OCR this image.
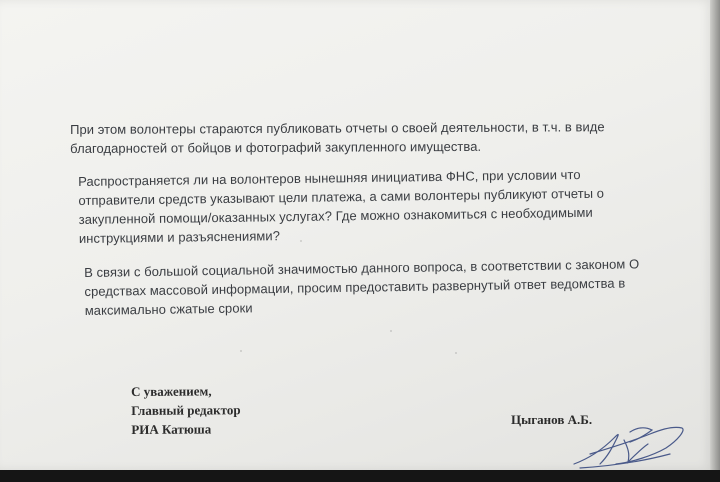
При этом волонтеры стараются публиковать отчеты о своей деятельности, в т.ч. в виде благодарностей от бойцов и фотографий закупленного имущества.

Распространяется ли на волонтеров нынешняя инициатива ФНС, при условии что отправители средств указывают цели платежа, а сами волонтеры публикуют отчеты о закупленной помощи/оказанных услугах? Где можно ознакомиться с необходимыми инструкциями и разъяснениями?

В связи с большой социальной значимостью данного вопроса, в соответствии с законом О средствах массовой информации, просим предоставить развернутый ответ ведомства в максимально сжатые сроки

С уважением,
Главный редактор
РИА Катюша
Цыганов А.Б.
